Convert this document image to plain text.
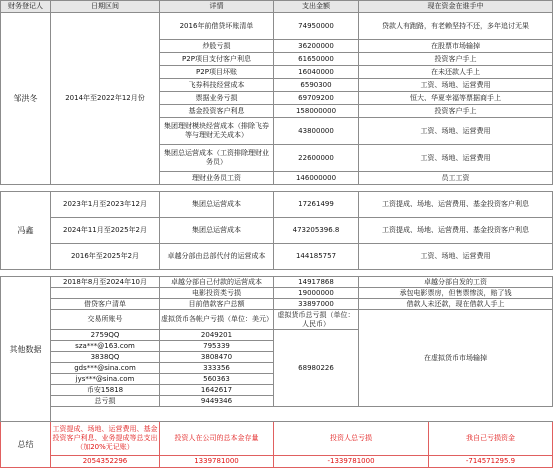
财务登记人	日期区间	详情	支出金额	现在资金在谁手中	
邹洪冬	2014年至2022年12月份	2016年前借贷坏账清单	74950000	贷款人有跑路，有老赖坚持不还，多年追讨无果	
		炒股亏损	36200000	在股票市场输掉	
		P2P项目支付客户利息	61650000	投资客户手上	
		P2P项目坏账	16040000	在未还款人手上	
		飞券科技经营成本	6590300	工资、场地、运营费用	
		票据业务亏损	69709200	恒大、华夏幸福等票据商手上	
		基金投资客户利息	158000000	投资客户手上	
		集团理财模块经营成本（排除飞券等与理财无关成本）	43800000	工资、场地、运营费用	
		集团总运营成本（工资排除理财业务员）	22600000	工资、场地、运营费用	
		理财业务员工资	146000000	员工工资	

冯鑫	2023年1月至2023年12月	集团总运营成本	17261499	工资提成、场地、运营费用、基金投资客户利息	
	2024年11月至2025年2月	集团总运营成本	473205396.8	工资提成、场地、运营费用、基金投资客户利息	
	2016年至2025年2月	卓越分部由总部代付的运营成本	144185757	工资、场地、运营费用	

其他数据	2018年8月至2024年10月	卓越分部自己付款的运营成本	14917868	卓越分部自发的工资	
		电影投资类亏损	19000000	承包电影票房，但售票惨淡，赔了钱	
	借贷客户清单	目前借款客户总额	33897000	借款人未还款，现在借款人手上	
	交易所账号	虚拟货币各帐户亏损（单位：美元）	虚拟货币总亏损（单位：人民币）	在虚拟货币市场输掉	
	2759QQ	2049201	68980226		
	sza***@163.com	795339			
	3838QQ	3808470			
	gds***@sina.com	333356			
	jys***@sina.com	560363			
	币安15818	1642617			
	总亏损	9449346			

总结	工资提成、场地、运营费用、基金投资客户利息、业务提成等总支出（加20%无记账）	投资人在公司的总本金存量	投资人总亏损		我自己亏损资金
	2054352296	1339781000	-1339781000		-714571295.9
